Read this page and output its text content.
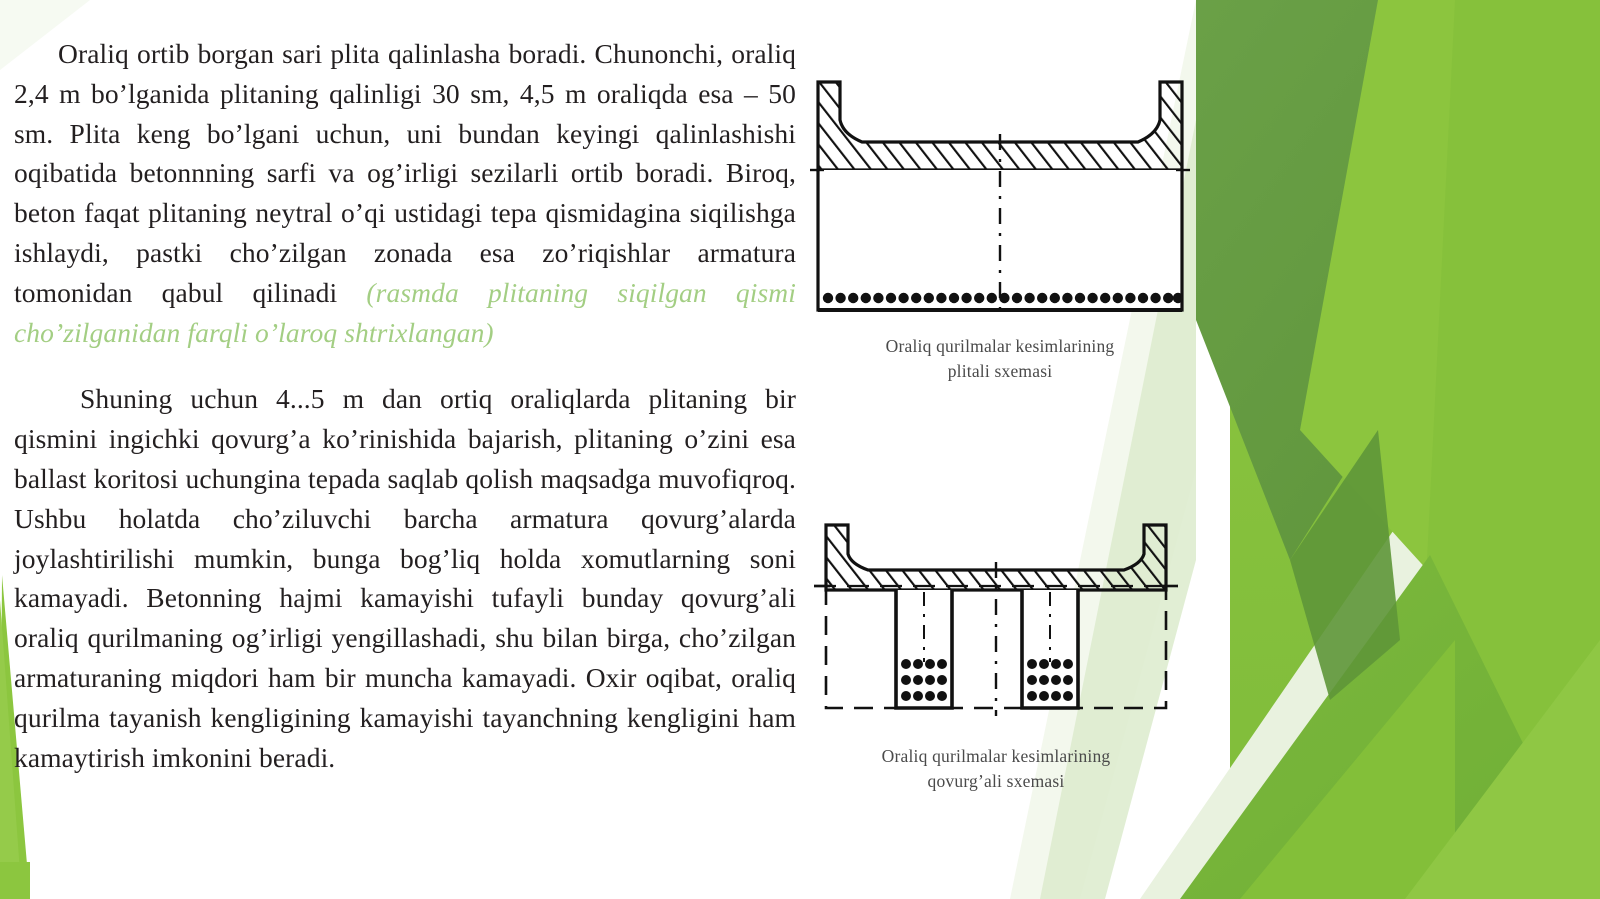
Oraliq ortib borgan sari plita qalinlasha boradi. Chunonchi, oraliq 2,4 m bo’lganida plitaning qalinligi 30 sm, 4,5 m oraliqda esa – 50 sm. Plita keng bo’lgani uchun, uni bundan keyingi qalinlashishi oqibatida betonnning sarfi va og’irligi sezilarli ortib boradi. Biroq, beton faqat plitaning neytral o’qi ustidagi tepa qismidagina siqilishga ishlaydi, pastki cho’zilgan zonada esa zo’riqishlar armatura tomonidan qabul qilinadi (rasmda plitaning siqilgan qismi cho’zilganidan farqli o’laroq shtrixlangan)

Shuning uchun 4...5 m dan ortiq oraliqlarda plitaning bir qismini ingichki qovurg’a ko’rinishida bajarish, plitaning o’zini esa ballast koritosi uchungina tepada saqlab qolish maqsadga muvofiqroq. Ushbu holatda cho’ziluvchi barcha armatura qovurg’alarda joylashtirilishi mumkin, bunga bog’liq holda xomutlarning soni kamayadi. Betonning hajmi kamayishi tufayli bunday qovurg’ali oraliq qurilmaning og’irligi yengillashadi, shu bilan birga, cho’zilgan armaturaning miqdori ham bir muncha kamayadi. Oxir oqibat, oraliq qurilma tayanish kengligining kamayishi tayanchning kengligini ham kamaytirish imkonini beradi.

Oraliq qurilmalar kesimlarining
plitali sxemasi
Oraliq qurilmalar kesimlarining
qovurg’ali sxemasi
